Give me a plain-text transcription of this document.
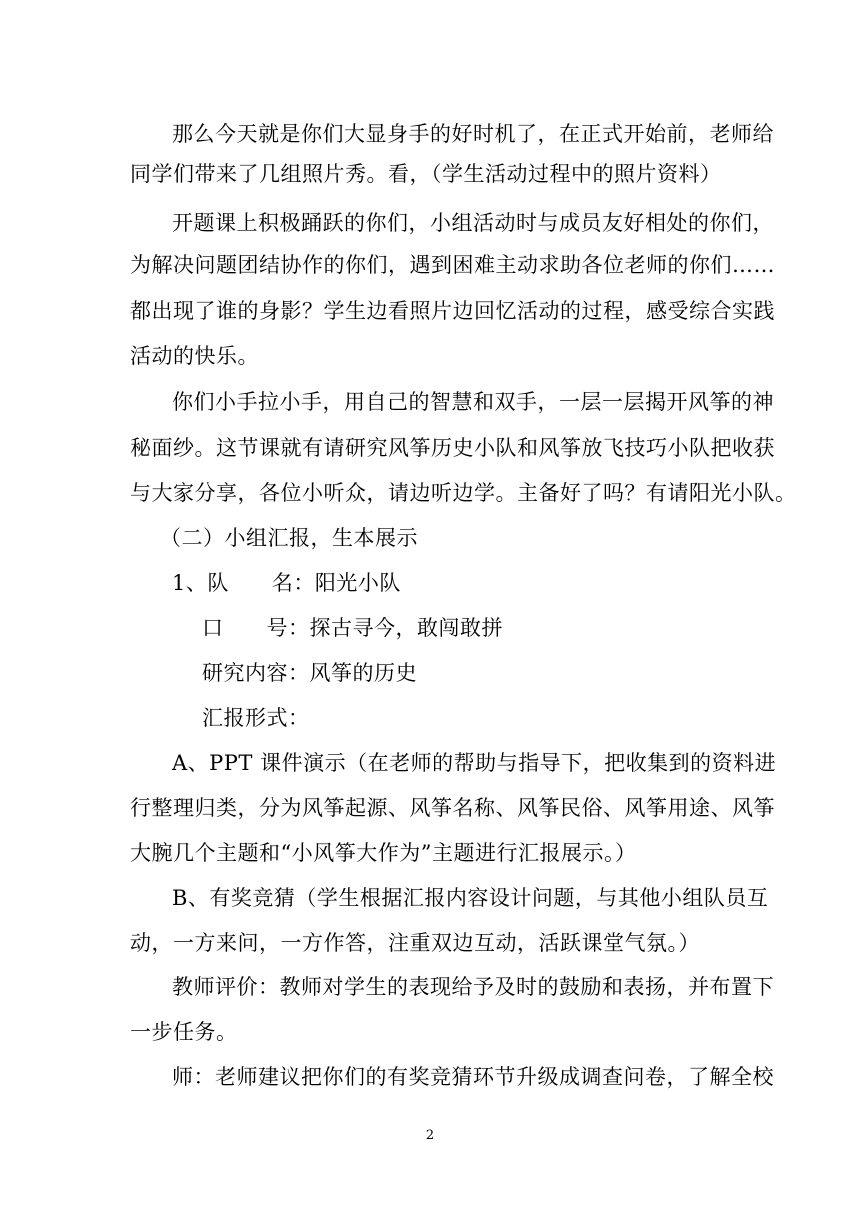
那么今天就是你们大显身手的好时机了，在正式开始前，老师给
同学们带来了几组照片秀。看，（学生活动过程中的照片资料）
开题课上积极踊跃的你们，小组活动时与成员友好相处的你们，
为解决问题团结协作的你们，遇到困难主动求助各位老师的你们……
都出现了谁的身影？学生边看照片边回忆活动的过程，感受综合实践
活动的快乐。
你们小手拉小手，用自己的智慧和双手，一层一层揭开风筝的神
秘面纱。这节课就有请研究风筝历史小队和风筝放飞技巧小队把收获
与大家分享，各位小听众，请边听边学。主备好了吗？有请阳光小队。
（二）小组汇报，生本展示
1、队　　名：阳光小队
口　　号：探古寻今，敢闯敢拼
研究内容：风筝的历史
汇报形式：
A、PPT 课件演示（在老师的帮助与指导下，把收集到的资料进
行整理归类，分为风筝起源、风筝名称、风筝民俗、风筝用途、风筝
大腕几个主题和“小风筝大作为”主题进行汇报展示。）
B、有奖竞猜（学生根据汇报内容设计问题，与其他小组队员互
动，一方来问，一方作答，注重双边互动，活跃课堂气氛。）
教师评价：教师对学生的表现给予及时的鼓励和表扬，并布置下
一步任务。
师：老师建议把你们的有奖竞猜环节升级成调查问卷，了解全校
2
